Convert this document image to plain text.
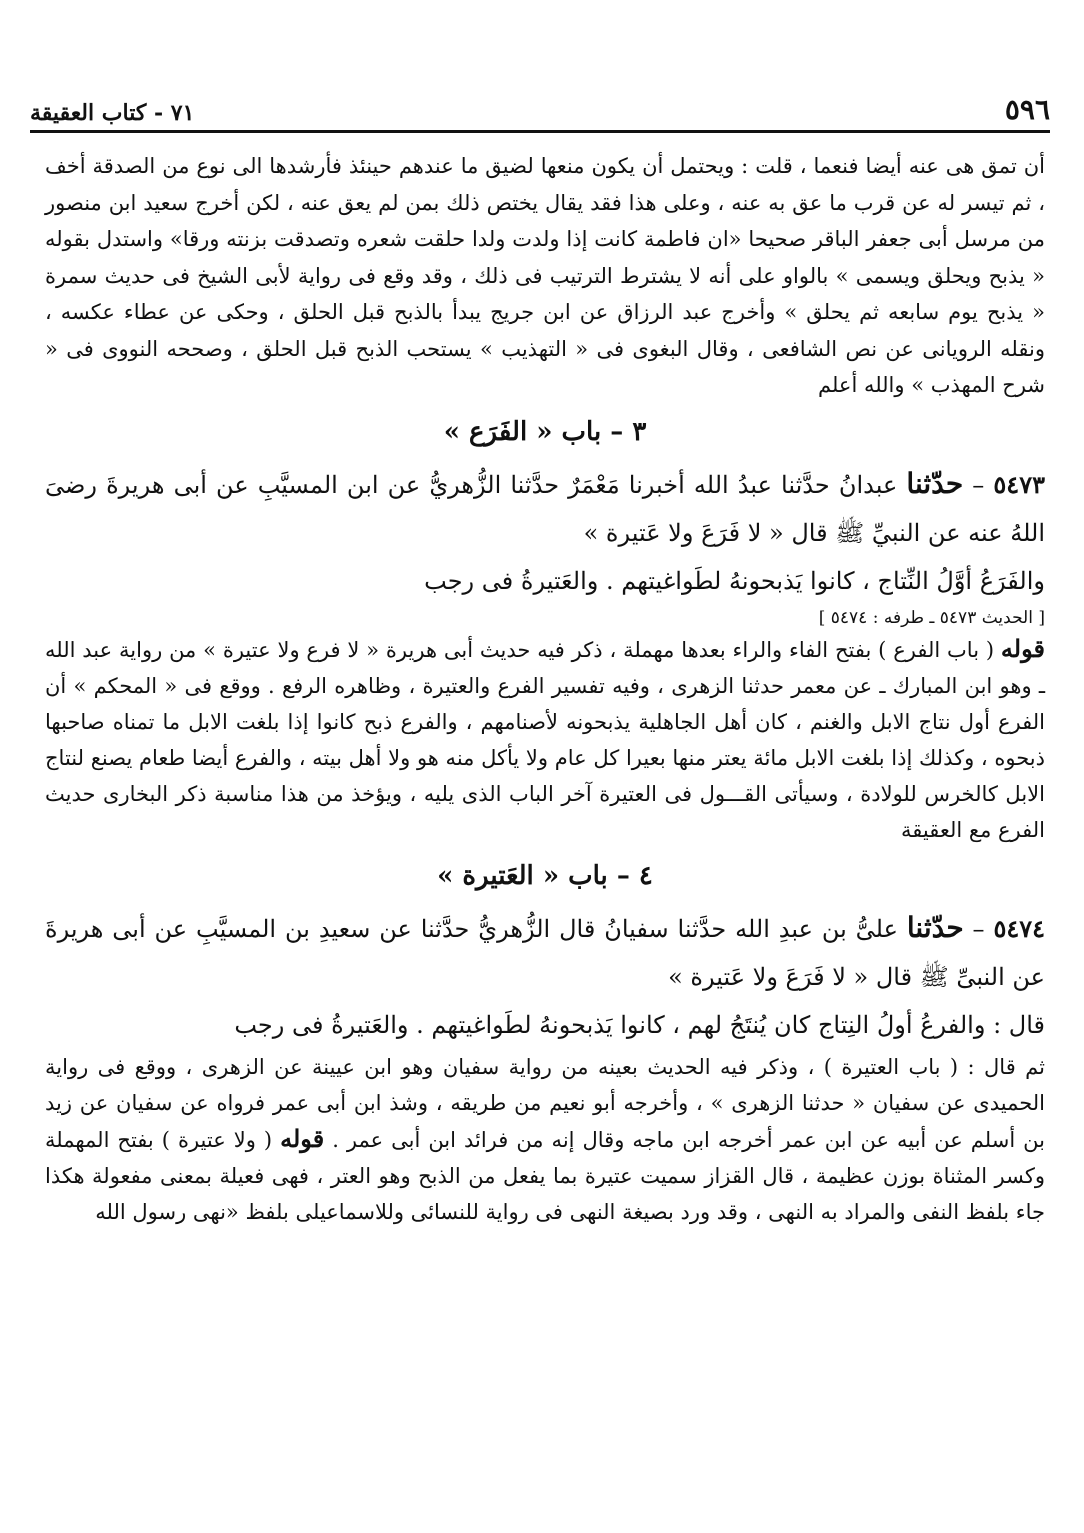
٥٩٦
٧١ - كتاب العقيقة

أن تمق هى عنه أيضا فنعما ، قلت : ويحتمل أن يكون منعها لضيق ما عندهم حينئذ فأرشدها الى نوع من الصدقة أخف ، ثم تيسر له عن قرب ما عق به عنه ، وعلى هذا فقد يقال يختص ذلك بمن لم يعق عنه ، لكن أخرج سعيد ابن منصور من مرسل أبى جعفر الباقر صحيحا «ان فاطمة كانت إذا ولدت ولدا حلقت شعره وتصدقت بزنته ورقا» واستدل بقوله « يذبح ويحلق ويسمى » بالواو على أنه لا يشترط الترتيب فى ذلك ، وقد وقع فى رواية لأبى الشيخ فى حديث سمرة « يذبح يوم سابعه ثم يحلق » وأخرج عبد الرزاق عن ابن جريج يبدأ بالذبح قبل الحلق ، وحكى عن عطاء عكسه ، ونقله الرويانى عن نص الشافعى ، وقال البغوى فى « التهذيب » يستحب الذبح قبل الحلق ، وصححه النووى فى « شرح المهذب » والله أعلم

٣ – باب « الفَرَع »

٥٤٧٣ – حدّثنا عبدانُ حدَّثنا عبدُ الله أخبرنا مَعْمَرٌ حدَّثنا الزُّهريُّ عن ابن المسيَّبِ عن أبى هريرةَ رضىَ اللهُ عنه عن النبيِّ ﷺ قال « لا فَرَعَ ولا عَتيرة »

والفَرَعُ أوَّلُ النِّتاج ، كانوا يَذبحونهُ لطَواغيتهم . والعَتيرةُ فى رجب

[ الحديث ٥٤٧٣ ـ طرفه : ٥٤٧٤ ]

قوله ( باب الفرع ) بفتح الفاء والراء بعدها مهملة ، ذكر فيه حديث أبى هريرة « لا فرع ولا عتيرة » من رواية عبد الله ـ وهو ابن المبارك ـ عن معمر حدثنا الزهرى ، وفيه تفسير الفرع والعتيرة ، وظاهره الرفع . ووقع فى « المحكم » أن الفرع أول نتاج الابل والغنم ، كان أهل الجاهلية يذبحونه لأصنامهم ، والفرع ذبح كانوا إذا بلغت الابل ما تمناه صاحبها ذبحوه ، وكذلك إذا بلغت الابل مائة يعتر منها بعيرا كل عام ولا يأكل منه هو ولا أهل بيته ، والفرع أيضا طعام يصنع لنتاج الابل كالخرس للولادة ، وسيأتى القـــول فى العتيرة آخر الباب الذى يليه ، ويؤخذ من هذا مناسبة ذكر البخارى حديث الفرع مع العقيقة

٤ – باب « العَتيرة »

٥٤٧٤ – حدّثنا علىُّ بن عبدِ الله حدَّثنا سفيانُ قال الزُّهريُّ حدَّثنا عن سعيدِ بن المسيَّبِ عن أبى هريرةَ عن النبىِّ ﷺ قال « لا فَرَعَ ولا عَتيرة »

قال : والفرعُ أولُ النِتاج كان يُنتَجُ لهم ، كانوا يَذبحونهُ لطَواغيتهم . والعَتيرةُ فى رجب

ثم قال : ( باب العتيرة ) ، وذكر فيه الحديث بعينه من رواية سفيان وهو ابن عيينة عن الزهرى ، ووقع فى رواية الحميدى عن سفيان « حدثنا الزهرى » ، وأخرجه أبو نعيم من طريقه ، وشذ ابن أبى عمر فرواه عن سفيان عن زيد بن أسلم عن أبيه عن ابن عمر أخرجه ابن ماجه وقال إنه من فرائد ابن أبى عمر . قوله ( ولا عتيرة ) بفتح المهملة وكسر المثناة بوزن عظيمة ، قال القزاز سميت عتيرة بما يفعل من الذبح وهو العتر ، فهى فعيلة بمعنى مفعولة هكذا جاء بلفظ النفى والمراد به النهى ، وقد ورد بصيغة النهى فى رواية للنسائى وللاسماعيلى بلفظ «نهى رسول الله
